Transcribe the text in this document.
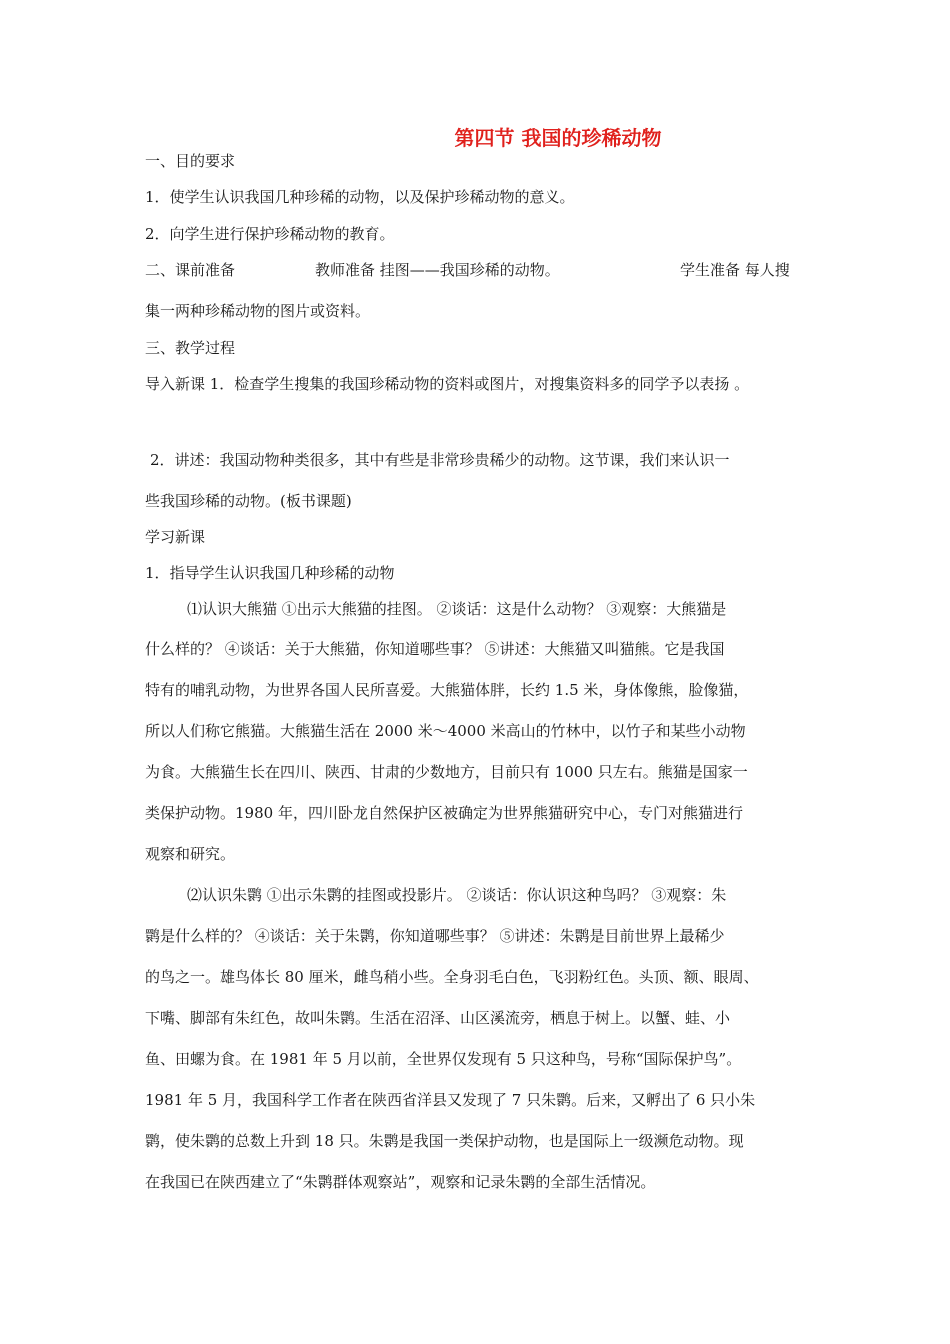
第四节 我国的珍稀动物
一、目的要求
1．使学生认识我国几种珍稀的动物，以及保护珍稀动物的意义。
2．向学生进行保护珍稀动物的教育。
二、课前准备	教师准备 挂图——我国珍稀的动物。	学生准备 每人搜
集一两种珍稀动物的图片或资料。
三、教学过程
导入新课 1．检查学生搜集的我国珍稀动物的资料或图片，对搜集资料多的同学予以表扬 。
2．讲述：我国动物种类很多，其中有些是非常珍贵稀少的动物。这节课，我们来认识一
些我国珍稀的动物。(板书课题)
学习新课
1．指导学生认识我国几种珍稀的动物
⑴认识大熊猫 ①出示大熊猫的挂图。 ②谈话：这是什么动物？ ③观察：大熊猫是
什么样的？ ④谈话：关于大熊猫，你知道哪些事？ ⑤讲述：大熊猫又叫猫熊。它是我国
特有的哺乳动物，为世界各国人民所喜爱。大熊猫体胖，长约 1.5 米，身体像熊，脸像猫，
所以人们称它熊猫。大熊猫生活在 2000 米～4000 米高山的竹林中，以竹子和某些小动物
为食。大熊猫生长在四川、陕西、甘肃的少数地方，目前只有 1000 只左右。熊猫是国家一
类保护动物。1980 年，四川卧龙自然保护区被确定为世界熊猫研究中心，专门对熊猫进行
观察和研究。
⑵认识朱鹮 ①出示朱鹮的挂图或投影片。 ②谈话：你认识这种鸟吗？ ③观察：朱
鹮是什么样的？ ④谈话：关于朱鹮，你知道哪些事？ ⑤讲述：朱鹮是目前世界上最稀少
的鸟之一。雄鸟体长 80 厘米，雌鸟稍小些。全身羽毛白色，飞羽粉红色。头顶、额、眼周、
下嘴、脚部有朱红色，故叫朱鹮。生活在沼泽、山区溪流旁，栖息于树上。以蟹、蛙、小
鱼、田螺为食。在 1981 年 5 月以前，全世界仅发现有 5 只这种鸟，号称“国际保护鸟”。
1981 年 5 月，我国科学工作者在陕西省洋县又发现了 7 只朱鹮。后来，又孵出了 6 只小朱
鹮，使朱鹮的总数上升到 18 只。朱鹮是我国一类保护动物，也是国际上一级濒危动物。现
在我国已在陕西建立了“朱鹮群体观察站”，观察和记录朱鹮的全部生活情况。
